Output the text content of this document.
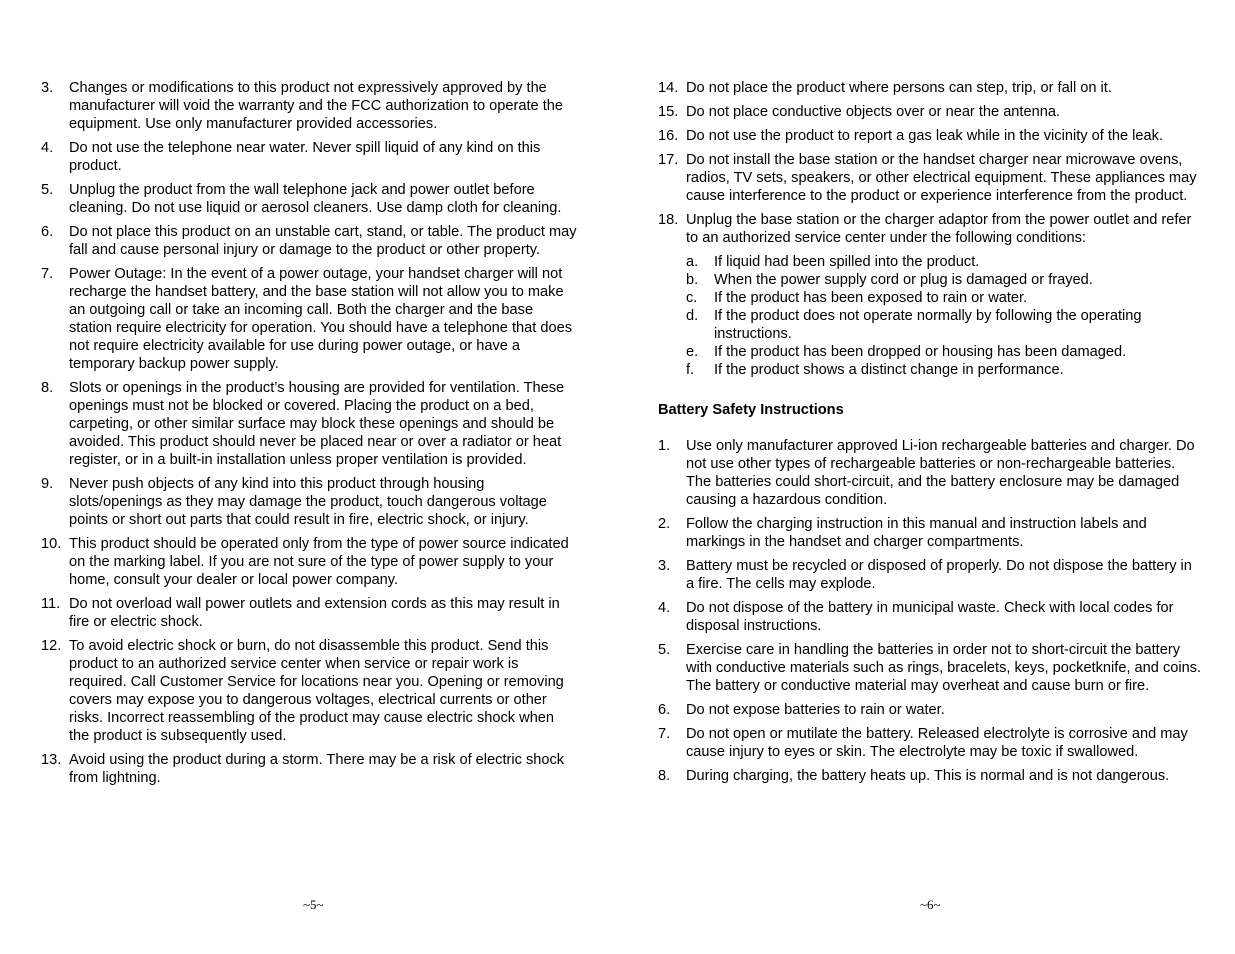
3.	Changes or modifications to this product not expressively approved by the manufacturer will void the warranty and the FCC authorization to operate the equipment. Use only manufacturer provided accessories.
4.	Do not use the telephone near water. Never spill liquid of any kind on this product.
5.	Unplug the product from the wall telephone jack and power outlet before cleaning. Do not use liquid or aerosol cleaners. Use damp cloth for cleaning.
6.	Do not place this product on an unstable cart, stand, or table. The product may fall and cause personal injury or damage to the product or other property.
7.	Power Outage: In the event of a power outage, your handset charger will not recharge the handset battery, and the base station will not allow you to make an outgoing call or take an incoming call. Both the charger and the base station require electricity for operation. You should have a telephone that does not require electricity available for use during power outage, or have a temporary backup power supply.
8.	Slots or openings in the product’s housing are provided for ventilation. These openings must not be blocked or covered. Placing the product on a bed, carpeting, or other similar surface may block these openings and should be avoided. This product should never be placed near or over a radiator or heat register, or in a built-in installation unless proper ventilation is provided.
9.	Never push objects of any kind into this product through housing slots/openings as they may damage the product, touch dangerous voltage points or short out parts that could result in fire, electric shock, or injury.
10. This product should be operated only from the type of power source indicated on the marking label. If you are not sure of the type of power supply to your home, consult your dealer or local power company.
11. Do not overload wall power outlets and extension cords as this may result in fire or electric shock.
12. To avoid electric shock or burn, do not disassemble this product. Send this product to an authorized service center when service or repair work is required. Call Customer Service for locations near you. Opening or removing covers may expose you to dangerous voltages, electrical currents or other risks. Incorrect reassembling of the product may cause electric shock when the product is subsequently used.
13. Avoid using the product during a storm. There may be a risk of electric shock from lightning.
14. Do not place the product where persons can step, trip, or fall on it.
15. Do not place conductive objects over or near the antenna.
16. Do not use the product to report a gas leak while in the vicinity of the leak.
17. Do not install the base station or the handset charger near microwave ovens, radios, TV sets, speakers, or other electrical equipment. These appliances may cause interference to the product or experience interference from the product.
18. Unplug the base station or the charger adaptor from the power outlet and refer to an authorized service center under the following conditions:
a.	If liquid had been spilled into the product.
b.	When the power supply cord or plug is damaged or frayed.
c.	If the product has been exposed to rain or water.
d.	If the product does not operate normally by following the operating instructions.
e.	If the product has been dropped or housing has been damaged.
f.	If the product shows a distinct change in performance.
Battery Safety Instructions
1.	Use only manufacturer approved Li-ion rechargeable batteries and charger. Do not use other types of rechargeable batteries or non-rechargeable batteries. The batteries could short-circuit, and the battery enclosure may be damaged causing a hazardous condition.
2.	Follow the charging instruction in this manual and instruction labels and markings in the handset and charger compartments.
3.	Battery must be recycled or disposed of properly. Do not dispose the battery in a fire. The cells may explode.
4.	Do not dispose of the battery in municipal waste. Check with local codes for disposal instructions.
5.	Exercise care in handling the batteries in order not to short-circuit the battery with conductive materials such as rings, bracelets, keys, pocketknife, and coins. The battery or conductive material may overheat and cause burn or fire.
6.	Do not expose batteries to rain or water.
7.	Do not open or mutilate the battery. Released electrolyte is corrosive and may cause injury to eyes or skin. The electrolyte may be toxic if swallowed.
8.	During charging, the battery heats up. This is normal and is not dangerous.
~5~	~6~
